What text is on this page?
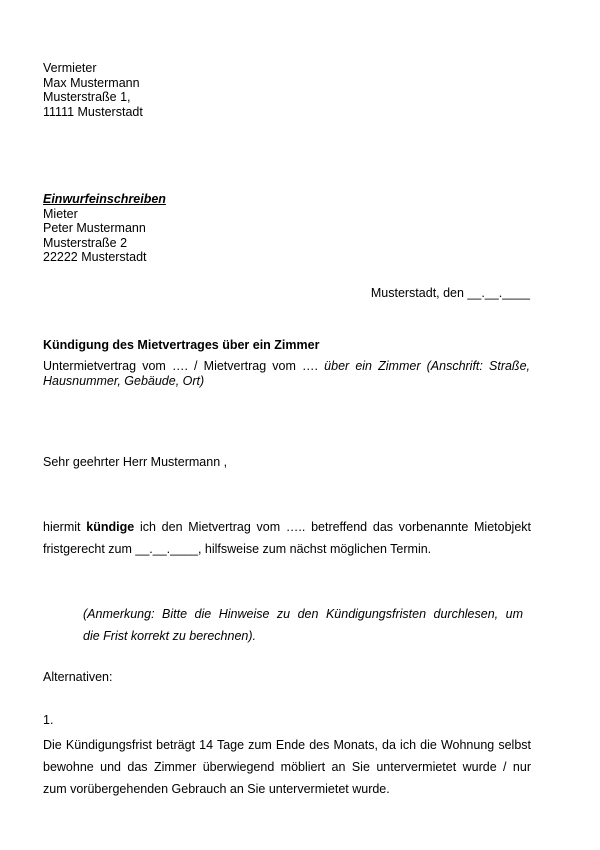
Vermieter
Max Mustermann
Musterstraße 1,
11111 Musterstadt
Einwurfeinschreiben
Mieter
Peter Mustermann
Musterstraße 2
22222 Musterstadt
Musterstadt, den __.__.____
Kündigung des Mietvertrages über ein Zimmer
Untermietvertrag vom …. / Mietvertrag vom …. über ein Zimmer (Anschrift: Straße,
Hausnummer, Gebäude, Ort)
Sehr geehrter Herr Mustermann ,
hiermit kündige ich den Mietvertrag vom ….. betreffend das vorbenannte Mietobjekt
fristgerecht zum __.__.____, hilfsweise zum nächst möglichen Termin.
(Anmerkung: Bitte die Hinweise zu den Kündigungsfristen durchlesen, um
die Frist korrekt zu berechnen).
Alternativen:
1.
Die Kündigungsfrist beträgt 14 Tage zum Ende des Monats, da ich die Wohnung selbst
bewohne und das Zimmer überwiegend möbliert an Sie untervermietet wurde / nur
zum vorübergehenden Gebrauch an Sie untervermietet wurde.
